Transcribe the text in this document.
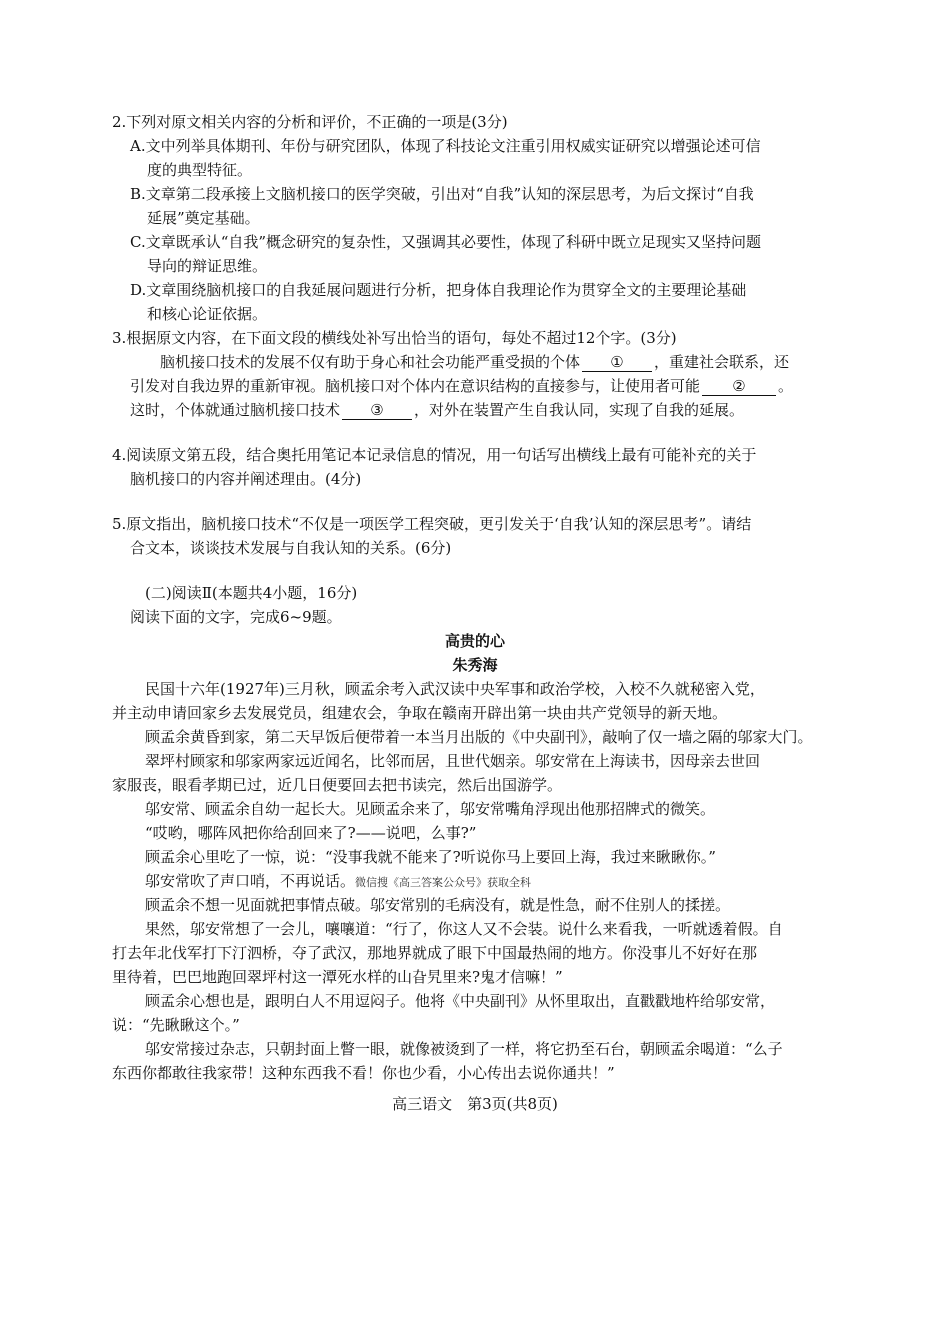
2.下列对原文相关内容的分析和评价，不正确的一项是(3分)
A.文中列举具体期刊、年份与研究团队，体现了科技论文注重引用权威实证研究以增强论述可信
度的典型特征。
B.文章第二段承接上文脑机接口的医学突破，引出对“自我”认知的深层思考，为后文探讨“自我
延展”奠定基础。
C.文章既承认“自我”概念研究的复杂性，又强调其必要性，体现了科研中既立足现实又坚持问题
导向的辩证思维。
D.文章围绕脑机接口的自我延展问题进行分析，把身体自我理论作为贯穿全文的主要理论基础
和核心论证依据。
3.根据原文内容，在下面文段的横线处补写出恰当的语句，每处不超过12个字。(3分)
脑机接口技术的发展不仅有助于身心和社会功能严重受损的个体 ① ，重建社会联系，还
引发对自我边界的重新审视。脑机接口对个体内在意识结构的直接参与，让使用者可能 ② 。
这时，个体就通过脑机接口技术 ③ ，对外在装置产生自我认同，实现了自我的延展。
4.阅读原文第五段，结合奥托用笔记本记录信息的情况，用一句话写出横线上最有可能补充的关于
脑机接口的内容并阐述理由。(4分)
5.原文指出，脑机接口技术“不仅是一项医学工程突破，更引发关于‘自我’认知的深层思考”。请结
合文本，谈谈技术发展与自我认知的关系。(6分)
(二)阅读Ⅱ(本题共4小题，16分)
阅读下面的文字，完成6~9题。
高贵的心
朱秀海
民国十六年(1927年)三月秋，顾孟余考入武汉读中央军事和政治学校，入校不久就秘密入党，
并主动申请回家乡去发展党员，组建农会，争取在赣南开辟出第一块由共产党领导的新天地。
顾孟余黄昏到家，第二天早饭后便带着一本当月出版的《中央副刊》，敲响了仅一墙之隔的邬家大门。
翠坪村顾家和邬家两家远近闻名，比邻而居，且世代姻亲。邬安常在上海读书，因母亲去世回
家服丧，眼看孝期已过，近几日便要回去把书读完，然后出国游学。
邬安常、顾孟余自幼一起长大。见顾孟余来了，邬安常嘴角浮现出他那招牌式的微笑。
“哎哟，哪阵风把你给刮回来了?——说吧，么事?”
顾孟余心里吃了一惊，说：“没事我就不能来了?听说你马上要回上海，我过来瞅瞅你。”
邬安常吹了声口哨，不再说话。微信搜《高三答案公众号》获取全科
顾孟余不想一见面就把事情点破。邬安常别的毛病没有，就是性急，耐不住别人的揉搓。
果然，邬安常想了一会儿，嚷嚷道：“行了，你这人又不会装。说什么来看我，一听就透着假。自
打去年北伐军打下汀泗桥，夺了武汉，那地界就成了眼下中国最热闹的地方。你没事儿不好好在那
里待着，巴巴地跑回翠坪村这一潭死水样的山旮旯里来?鬼才信嘛！”
顾孟余心想也是，跟明白人不用逗闷子。他将《中央副刊》从怀里取出，直戳戳地杵给邬安常，
说：“先瞅瞅这个。”
邬安常接过杂志，只朝封面上瞥一眼，就像被烫到了一样，将它扔至石台，朝顾孟余喝道：“么子
东西你都敢往我家带！这种东西我不看！你也少看，小心传出去说你通共！”
高三语文　第3页(共8页)
